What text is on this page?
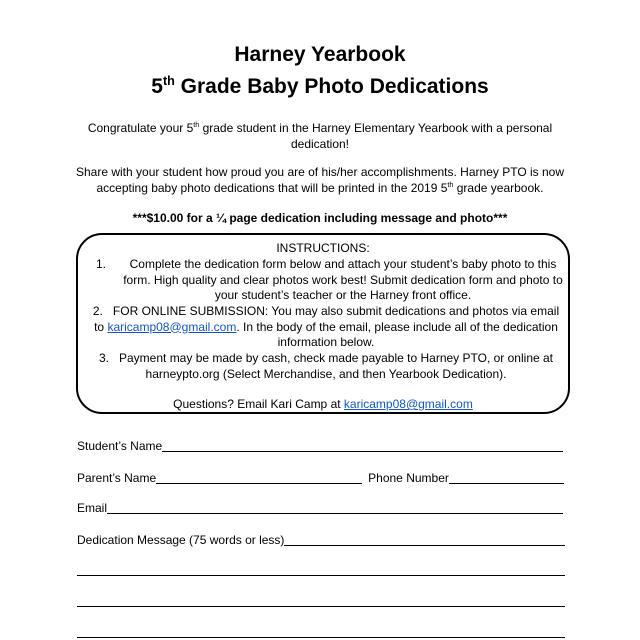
Harney Yearbook
5th Grade Baby Photo Dedications
Congratulate your 5th grade student in the Harney Elementary Yearbook with a personal dedication!
Share with your student how proud you are of his/her accomplishments. Harney PTO is now accepting baby photo dedications that will be printed in the 2019 5th grade yearbook.
***$10.00 for a ¼ page dedication including message and photo***
INSTRUCTIONS:
1.	Complete the dedication form below and attach your student’s baby photo to this form. High quality and clear photos work best! Submit dedication form and photo to your student’s teacher or the Harney front office.
2. FOR ONLINE SUBMISSION: You may also submit dedications and photos via email to karicamp08@gmail.com. In the body of the email, please include all of the dedication information below.
3. Payment may be made by cash, check made payable to Harney PTO, or online at harneypto.org (Select Merchandise, and then Yearbook Dedication).
Questions? Email Kari Camp at karicamp08@gmail.com
Student’s Name
Parent’s Name	Phone Number
Email
Dedication Message (75 words or less)
